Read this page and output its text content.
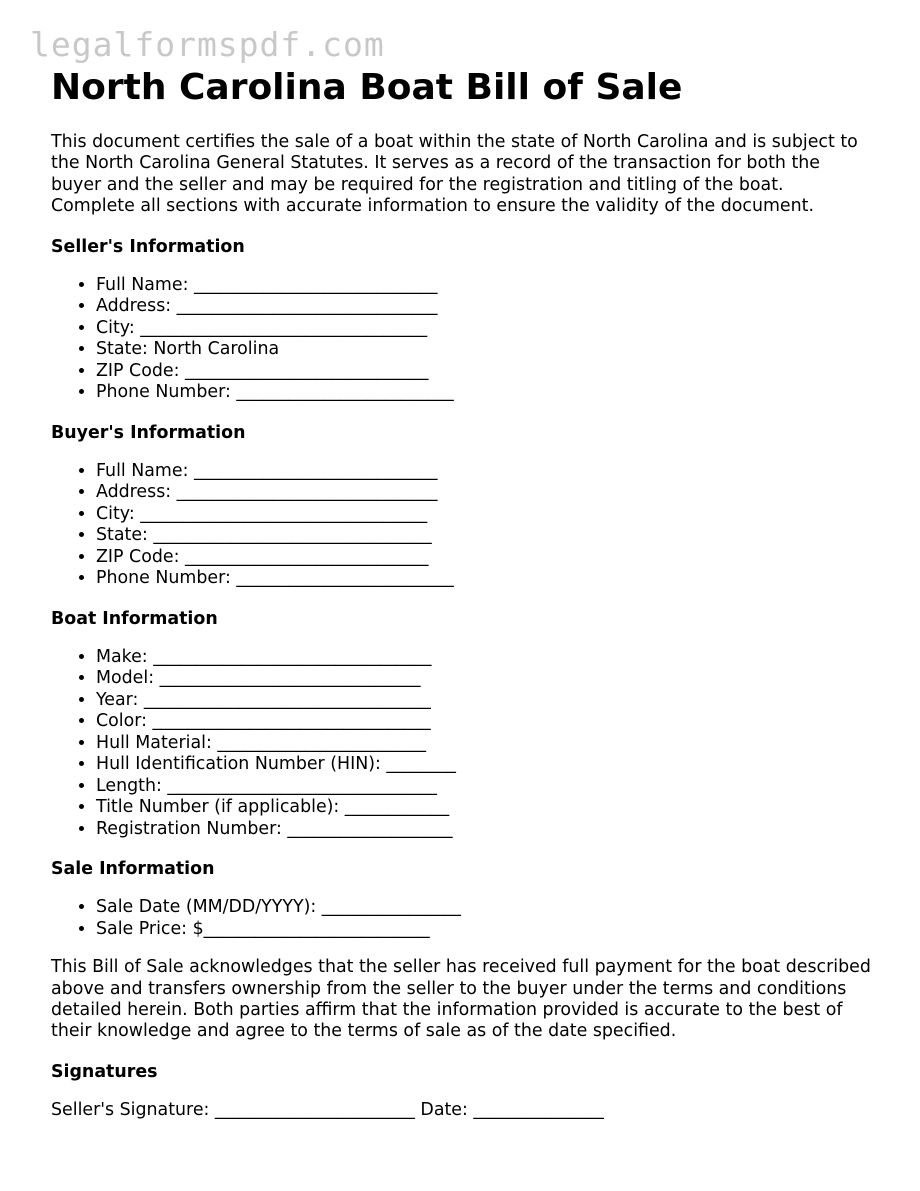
legalformspdf.com
North Carolina Boat Bill of Sale

This document certifies the sale of a boat within the state of North Carolina and is subject to the North Carolina General Statutes. It serves as a record of the transaction for both the buyer and the seller and may be required for the registration and titling of the boat. Complete all sections with accurate information to ensure the validity of the document.

Seller's Information
• Full Name: ____________________________
• Address: ______________________________
• City: _________________________________
• State: North Carolina
• ZIP Code: ____________________________
• Phone Number: _________________________
Buyer's Information
• Full Name: ____________________________
• Address: ______________________________
• City: _________________________________
• State: ________________________________
• ZIP Code: ____________________________
• Phone Number: _________________________
Boat Information
• Make: ________________________________
• Model: ______________________________
• Year: _________________________________
• Color: ________________________________
• Hull Material: ________________________
• Hull Identification Number (HIN): ________
• Length: _______________________________
• Title Number (if applicable): ____________
• Registration Number: ___________________
Sale Information
• Sale Date (MM/DD/YYYY): ________________
• Sale Price: $__________________________

This Bill of Sale acknowledges that the seller has received full payment for the boat described above and transfers ownership from the seller to the buyer under the terms and conditions detailed herein. Both parties affirm that the information provided is accurate to the best of their knowledge and agree to the terms of sale as of the date specified.

Signatures

Seller's Signature: _______________________ Date: _______________
